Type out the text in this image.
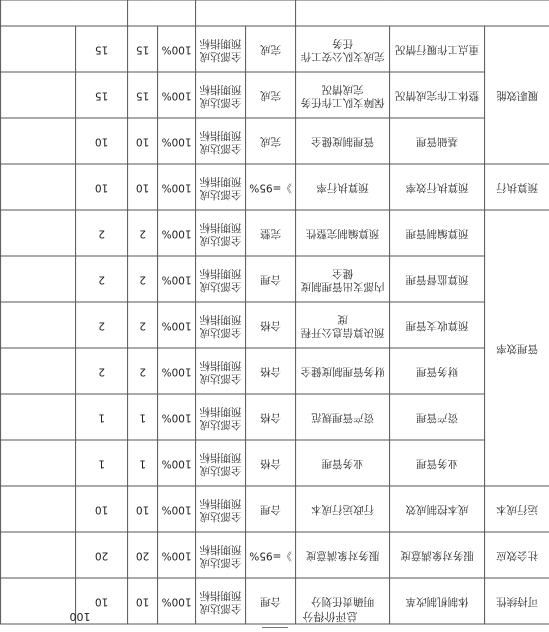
可持续性	体制机制改革	明确责任划分	合理	全部达成预期指标	100%	10	10	
社会效应	服务对象满意度	服务对象满意度	》=95%	全部达成预期指标	100%	20	20	
运行成本	成本控制成效	行政运行成本	合理	全部达成预期指标	100%	10	10	
管理效率	业务管理	业务管理	合格	全部达成预期指标	100%	1	1	
	资产管理	资产管理规范	合格	全部达成预期指标	100%	1	1	
	财务管理	财务管理制度健全	合格	全部达成预期指标	100%	2	2	
	预算收支管理	预决算信息公开程度	合格	全部达成预期指标	100%	2	2	
	预算监督管理	内部支出管理制度健全	合理	全部达成预期指标	100%	2	2	
	预算编制管理	预算编制完整性	完整	全部达成预期指标	100%	2	2	
预算执行	预算执行效率	预算执行率	》=95%	全部达成预期指标	100%	10	10	
履职效能	基础管理	管理制度健全	完成	全部达成预期指标	100%	10	10	
	整体工作完成情况	保障支队工作任务完成情况	完成	全部达成预期指标	100%	15	15	
	重点工作履行情况	完成支队公安工作任务	完成	全部达成预期指标	100%	15	15	

总评价得分
100
